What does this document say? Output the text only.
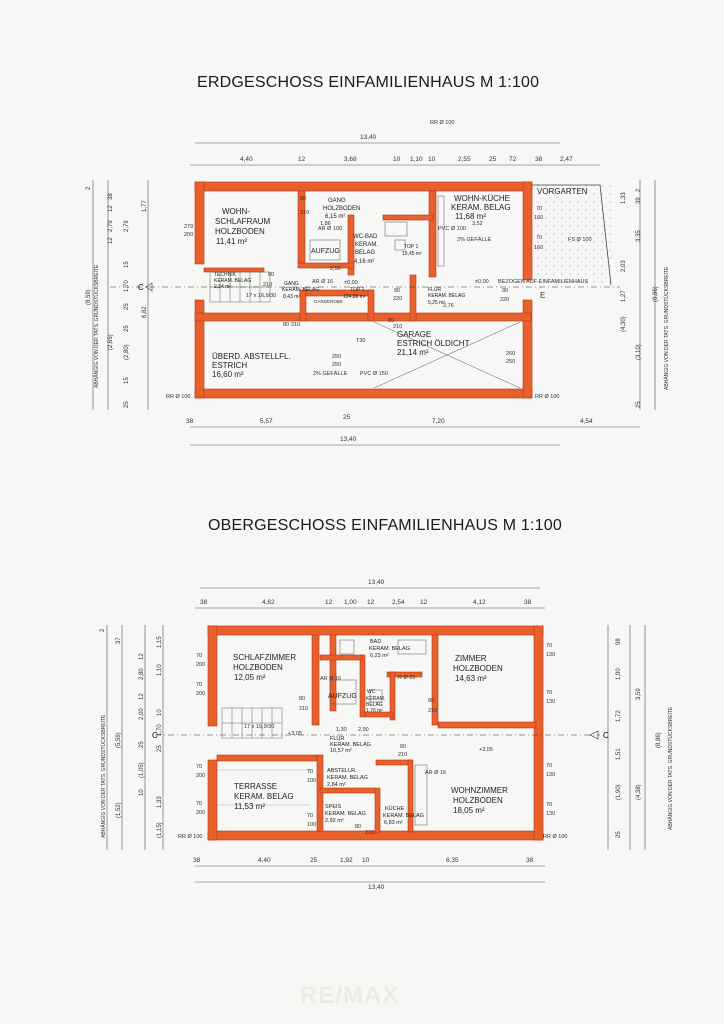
ERDGESCHOSS EINFAMILIENHAUS M 1:100
OBERGESCHOSS EINFAMILIENHAUS M 1:100
WOHN-
SCHLAFRAUM
HOLZBODEN
11,41 m²
GANG
HOLZBODEN
6,15 m²
WOHN-KÜCHE
KERAM. BELAG
11,68 m²
VORGARTEN
AUFZUG
WC-BAD
KERAM.
BELAG
4,16 m²
TOP 1
15,45 m²
TECHNIK
KERAM. BELAG
2,34 m²	GANG
KERAM. BELAG
8,43 m²
TOP 2
124,88 m²
FLUR
KERAM. BELAG
5,25 m²
GARAGE
ESTRICH ÖLDICHT
21,14 m²
ÜBERD. ABSTELLFL.
ESTRICH
16,60 m²
17 x 16,9/30
GARDEROBE
±0,00	±0,00 BEZOGEN AUF EINFAMILIENHAUS
2% GEFÄLLE
2% GEFÄLLE
PVC Ø 100
PVC Ø 150
RR Ø 100	RR Ø 100
RR Ø 100
AR Ø 100
AR Ø 16
FS Ø 100
T30
E
279
200
80
210
80
210
70
160
70
160
90
220
90
220
80 210
80
210
250
250
260
250
3,52
2,56
1,86
2,76
13,40
13,40
4,40	12	3,68	10 1,10 10	2,55	25 72	38	2,47
38	5,57
25
7,20	4,54
2
38
12
2,79
12
2,79
15
1,70
25
(2,65)
(2,80)
25
15
25
1,77
6,82
(8,59) ABHÄNGIG VON DER TATS. GRUNDSTÜCKSBREITE
2
39
1,33
3,35
2,03
1,27
(4,30)
(3,10)
(8,86)
25
ABHÄNGIG VON DER TATS. GRUNDSTÜCKSBREITE
C
SCHLAFZIMMER
HOLZBODEN
12,05 m²
BAD
KERAM. BELAG
6,23 m²	ZIMMER
HOLZBODEN
14,63 m²
AUFZUG
WC
KERAM.
BELAG
1,76 m²
FLUR
KERAM. BELAG
10,57 m²
ABSTELLR.
KERAM. BELAG
2,84 m²
TERRASSE
KERAM. BELAG
11,53 m²
WOHNZIMMER
HOLZBODEN
18,05 m²
SPEIS
KERAM. BELAG
2,92 m²
KÜCHE
KERAM. BELAG
6,83 m²
17 x 16,9/30
+3,05
+3,05
RR Ø 100	RR Ø 100
AR Ø 16
AR Ø 16
R Ø 65
70
200
70
200
70
130
70
130
70
130
70
130
70
200
70
200
80
210
80
210
70
100
70
100
80
210
80
210
1,30 2,90
13,40
13,40
38	4,62	12 1,00 12	2,54 12	4,12	38
38	4,40	25	1,92 10	6,35	38
2
37	1,15
1,10
12
2,80
12
2,00 10
1,70
25
(1,05)
25
1,33
10
(1,52)
(1,15)
(5,59)
ABHÄNGIG VON DER TATS. GRUNDSTÜCKSBREITE
98
1,90
3,59
1,72
1,51
(1,90) (4,38)
(8,86)
25
ABHÄNGIG VON DER TATS. GRUNDSTÜCKSBREITE
C	C
RE/MAX
